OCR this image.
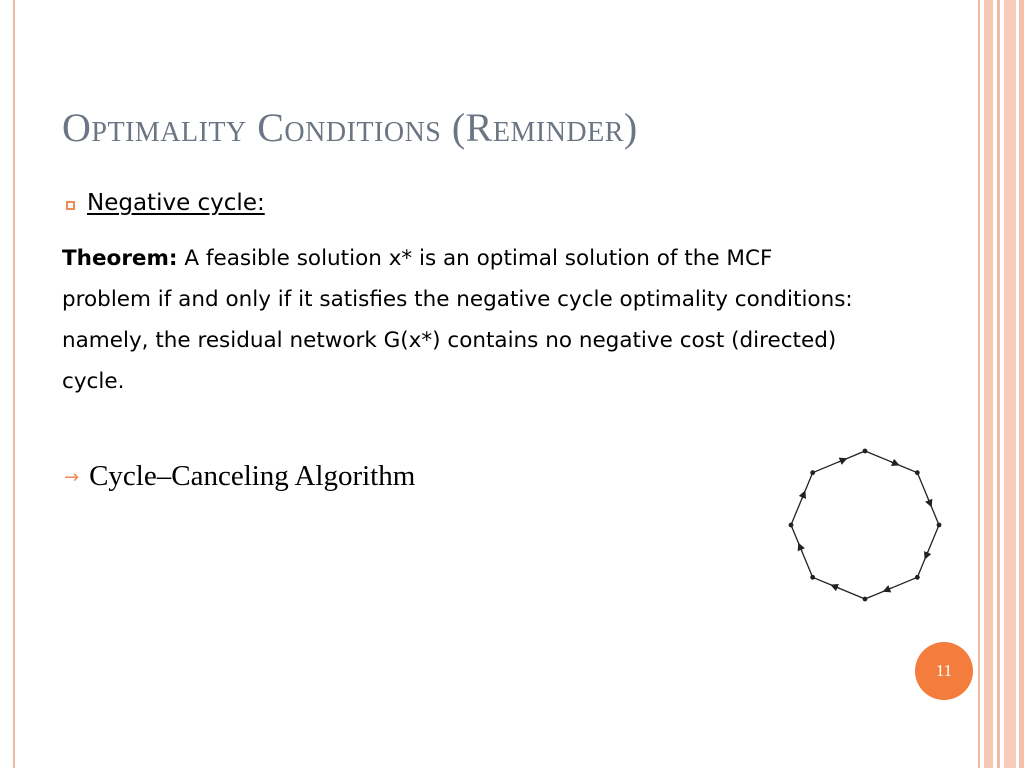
Optimality Conditions (Reminder)
Negative cycle:
Theorem: A feasible solution x* is an optimal solution of the MCF problem if and only if it satisfies the negative cycle optimality conditions: namely, the residual network G(x*) contains no negative cost (directed) cycle.
→ Cycle–Canceling Algorithm
11
